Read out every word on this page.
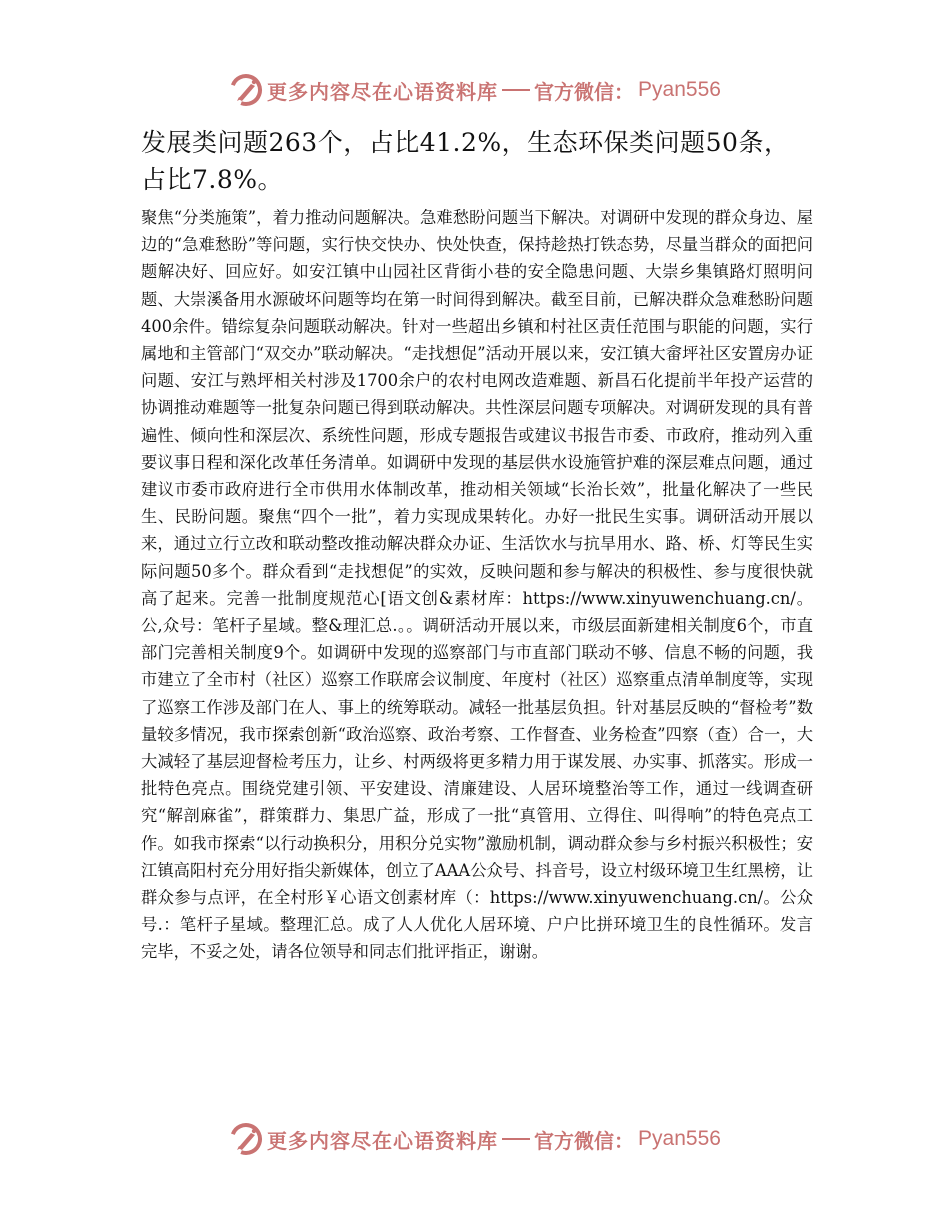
更多内容尽在心语资料库 官方微信： Pyan556

发展类问题263个，占比41.2%，生态环保类问题50条，占比7.8%。

聚焦“分类施策”，着力推动问题解决。急难愁盼问题当下解决。对调研中发现的群众身边、屋边的“急难愁盼”等问题，实行快交快办、快处快查，保持趁热打铁态势，尽量当群众的面把问题解决好、回应好。如安江镇中山园社区背街小巷的安全隐患问题、大崇乡集镇路灯照明问题、大崇溪备用水源破坏问题等均在第一时间得到解决。截至目前，已解决群众急难愁盼问题400余件。错综复杂问题联动解决。针对一些超出乡镇和村社区责任范围与职能的问题，实行属地和主管部门“双交办”联动解决。“走找想促”活动开展以来，安江镇大畲坪社区安置房办证问题、安江与熟坪相关村涉及1700余户的农村电网改造难题、新昌石化提前半年投产运营的协调推动难题等一批复杂问题已得到联动解决。共性深层问题专项解决。对调研发现的具有普遍性、倾向性和深层次、系统性问题，形成专题报告或建议书报告市委、市政府，推动列入重要议事日程和深化改革任务清单。如调研中发现的基层供水设施管护难的深层难点问题，通过建议市委市政府进行全市供用水体制改革，推动相关领域“长治长效”，批量化解决了一些民生、民盼问题。聚焦“四个一批”，着力实现成果转化。办好一批民生实事。调研活动开展以来，通过立行立改和联动整改推动解决群众办证、生活饮水与抗旱用水、路、桥、灯等民生实际问题50多个。群众看到“走找想促”的实效，反映问题和参与解决的积极性、参与度很快就高了起来。完善一批制度规范心[语文创&素材库：https://www.xinyuwenchuang.cn/。公,众号：笔杆子星域。整&理汇总.。。调研活动开展以来，市级层面新建相关制度6个，市直部门完善相关制度9个。如调研中发现的巡察部门与市直部门联动不够、信息不畅的问题，我市建立了全市村（社区）巡察工作联席会议制度、年度村（社区）巡察重点清单制度等，实现了巡察工作涉及部门在人、事上的统筹联动。减轻一批基层负担。针对基层反映的“督检考”数量较多情况，我市探索创新“政治巡察、政治考察、工作督查、业务检查”四察（查）合一，大大减轻了基层迎督检考压力，让乡、村两级将更多精力用于谋发展、办实事、抓落实。形成一批特色亮点。围绕党建引领、平安建设、清廉建设、人居环境整治等工作，通过一线调查研究“解剖麻雀”，群策群力、集思广益，形成了一批“真管用、立得住、叫得响”的特色亮点工作。如我市探索“以行动换积分，用积分兑实物”激励机制，调动群众参与乡村振兴积极性；安江镇高阳村充分用好指尖新媒体，创立了AAA公众号、抖音号，设立村级环境卫生红黑榜，让群众参与点评，在全村形￥心语文创素材库（：https://www.xinyuwenchuang.cn/。公众号.：笔杆子星域。整理汇总。成了人人优化人居环境、户户比拼环境卫生的良性循环。发言完毕，不妥之处，请各位领导和同志们批评指正，谢谢。

更多内容尽在心语资料库 官方微信： Pyan556
